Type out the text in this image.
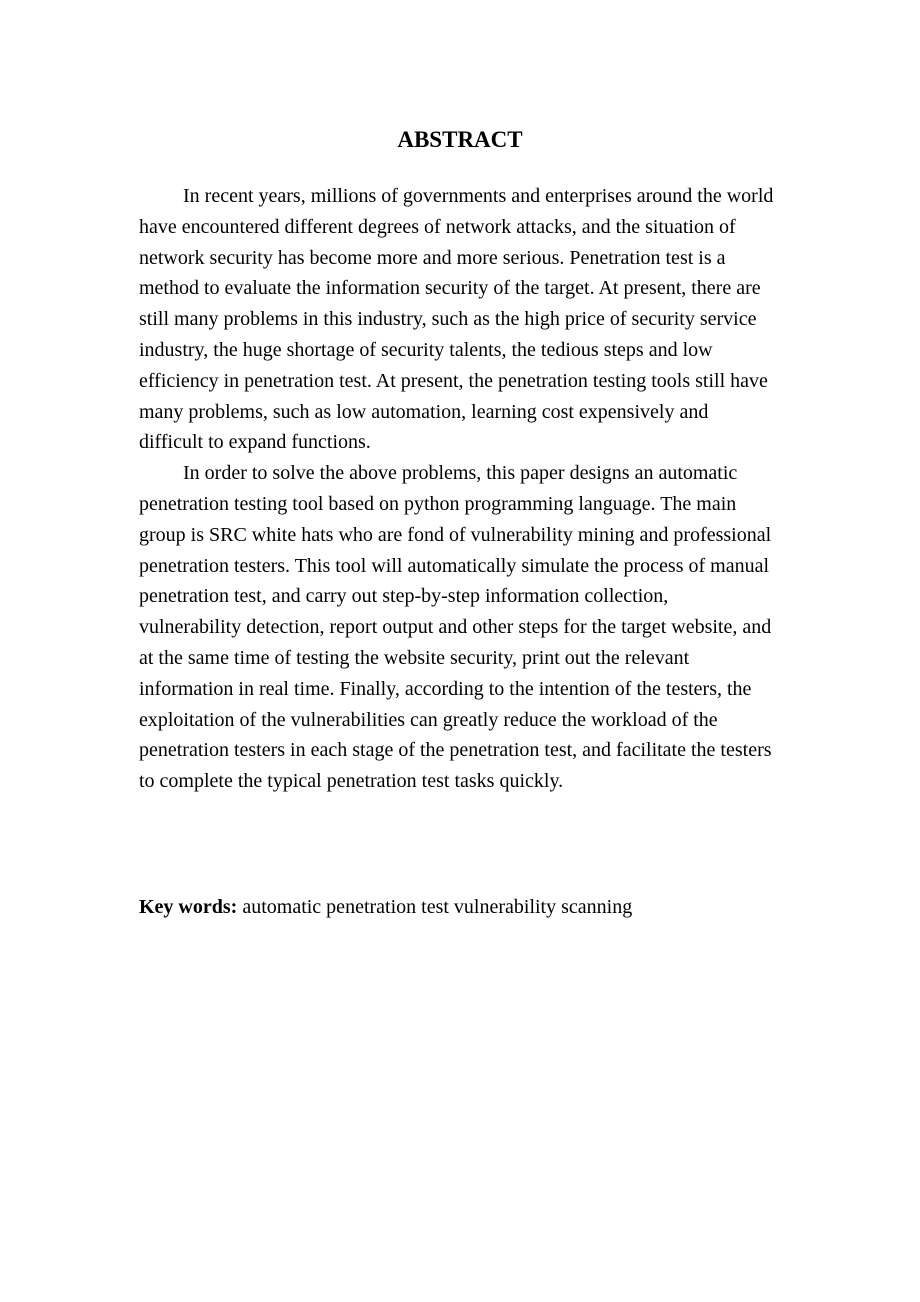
ABSTRACT

In recent years, millions of governments and enterprises around the world have encountered different degrees of network attacks, and the situation of network security has become more and more serious. Penetration test is a method to evaluate the information security of the target. At present, there are still many problems in this industry, such as the high price of security service industry, the huge shortage of security talents, the tedious steps and low efficiency in penetration test. At present, the penetration testing tools still have many problems, such as low automation, learning cost expensively and difficult to expand functions.

In order to solve the above problems, this paper designs an automatic penetration testing tool based on python programming language. The main group is SRC white hats who are fond of vulnerability mining and professional penetration testers. This tool will automatically simulate the process of manual penetration test, and carry out step-by-step information collection, vulnerability detection, report output and other steps for the target website, and at the same time of testing the website security, print out the relevant information in real time. Finally, according to the intention of the testers, the exploitation of the vulnerabilities can greatly reduce the workload of the penetration testers in each stage of the penetration test, and facilitate the testers to complete the typical penetration test tasks quickly.

Key words: automatic penetration test vulnerability scanning
